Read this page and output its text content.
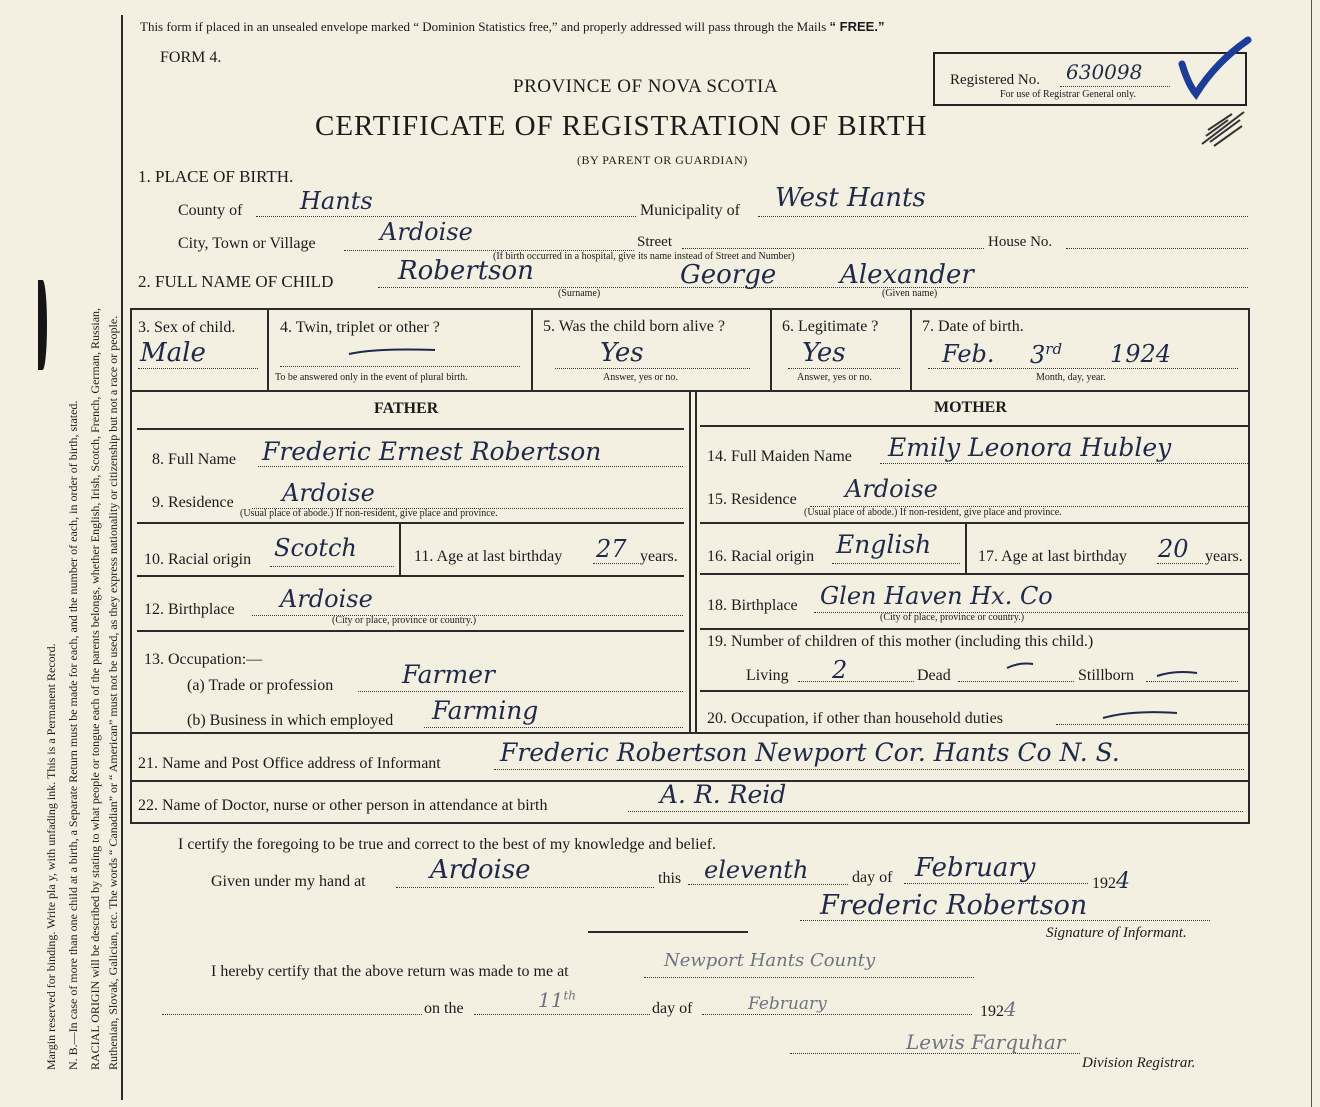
Margin reserved for binding. Write pla y, with unfading ink. This is a Permanent Record. N. B.—In case of more than one child at a birth, a Separate Return must be made for each, and the number of each, in order of birth, stated. RACIAL ORIGIN will be described by stating to what people or tongue each of the parents belongs, whether English, Irish, Scotch, French, German, Russian, Ruthenian, Slovak, Galician, etc. The words “ Canadian” or “ American” must not be used, as they express nationality or citizenship but not a race or people.
This form if placed in an unsealed envelope marked “ Dominion Statistics free,” and properly addressed will pass through the Mails “ FREE.”
FORM 4.
PROVINCE OF NOVA SCOTIA
CERTIFICATE OF REGISTRATION OF BIRTH
(BY PARENT OR GUARDIAN)
Registered No. 630098
For use of Registrar General only.
1. PLACE OF BIRTH.
County of Hants	Municipality of West Hants
City, Town or Village	Ardoise	Street	House No.
(If birth occurred in a hospital, give its name instead of Street and Number)
2. FULL NAME OF CHILD Robertson	George Alexander
(Surname)	(Given name)
3. Sex of child.
Male
4. Twin, triplet or other ?
To be answered only in the event of plural birth.
5. Was the child born alive ?
Yes
Answer, yes or no.
6. Legitimate ?
Yes
Answer, yes or no.
7. Date of birth.
Feb. 3rd 1924
Month, day, year.
FATHER	MOTHER
8. Full Name Frederic Ernest Robertson
9. Residence Ardoise
(Usual place of abode.) If non-resident, give place and province.
10. Racial origin Scotch	11. Age at last birthday 27 years.
12. Birthplace Ardoise
(City or place, province or country.)
13. Occupation:—
(a) Trade or profession	Farmer
(b) Business in which employed Farming
14. Full Maiden Name Emily Leonora Hubley
15. Residence Ardoise
(Usual place of abode.) If non-resident, give place and province.
16. Racial origin English	17. Age at last birthday 20 years.
18. Birthplace Glen Haven Hx. Co
(City of place, province or country.)
19. Number of children of this mother (including this child.)
Living 2	Dead	Stillborn
20. Occupation, if other than household duties
21. Name and Post Office address of Informant Frederic Robertson Newport Cor. Hants Co N. S.
22. Name of Doctor, nurse or other person in attendance at birth	A. R. Reid
I certify the foregoing to be true and correct to the best of my knowledge and belief.
Given under my hand at Ardoise	this eleventh	day of February
1924
Frederic Robertson
Signature of Informant.
I hereby certify that the above return was made to me at
Newport Hants County
on the	11th
day of	February	1924
Lewis Farquhar
Division Registrar.
